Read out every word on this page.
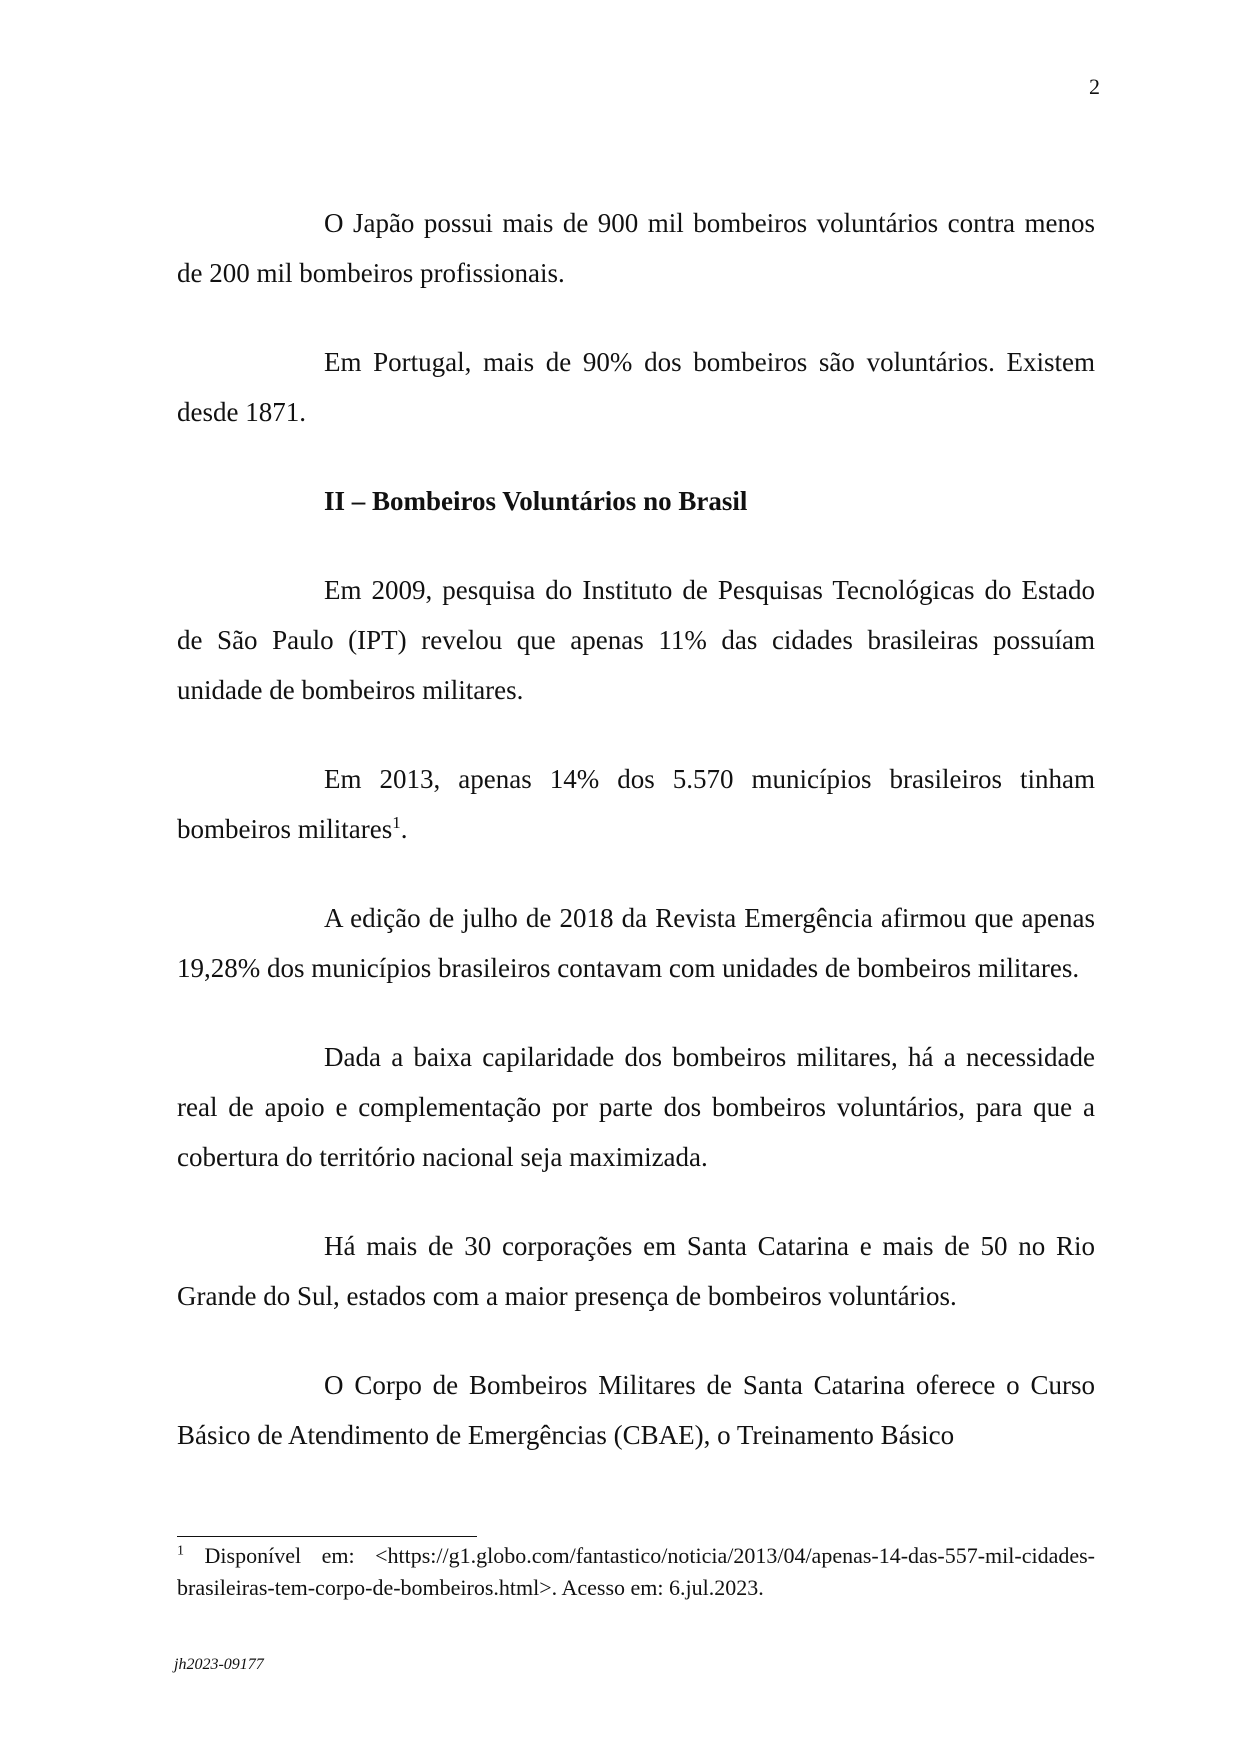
2

O Japão possui mais de 900 mil bombeiros voluntários contra menos de 200 mil bombeiros profissionais.

Em Portugal, mais de 90% dos bombeiros são voluntários. Existem desde 1871.

II – Bombeiros Voluntários no Brasil

Em 2009, pesquisa do Instituto de Pesquisas Tecnológicas do Estado de São Paulo (IPT) revelou que apenas 11% das cidades brasileiras possuíam unidade de bombeiros militares.

Em 2013, apenas 14% dos 5.570 municípios brasileiros tinham bombeiros militares$^1$.

A edição de julho de 2018 da Revista Emergência afirmou que apenas 19,28% dos municípios brasileiros contavam com unidades de bombeiros militares.

Dada a baixa capilaridade dos bombeiros militares, há a necessidade real de apoio e complementação por parte dos bombeiros voluntários, para que a cobertura do território nacional seja maximizada.

Há mais de 30 corporações em Santa Catarina e mais de 50 no Rio Grande do Sul, estados com a maior presença de bombeiros voluntários.

O Corpo de Bombeiros Militares de Santa Catarina oferece o Curso Básico de Atendimento de Emergências (CBAE), o Treinamento Básico

$^1$ Disponível em: <https://g1.globo.com/fantastico/noticia/2013/04/apenas-14-das-557-mil-cidades-brasileiras-tem-corpo-de-bombeiros.html>. Acesso em: 6.jul.2023.
jh2023-09177
